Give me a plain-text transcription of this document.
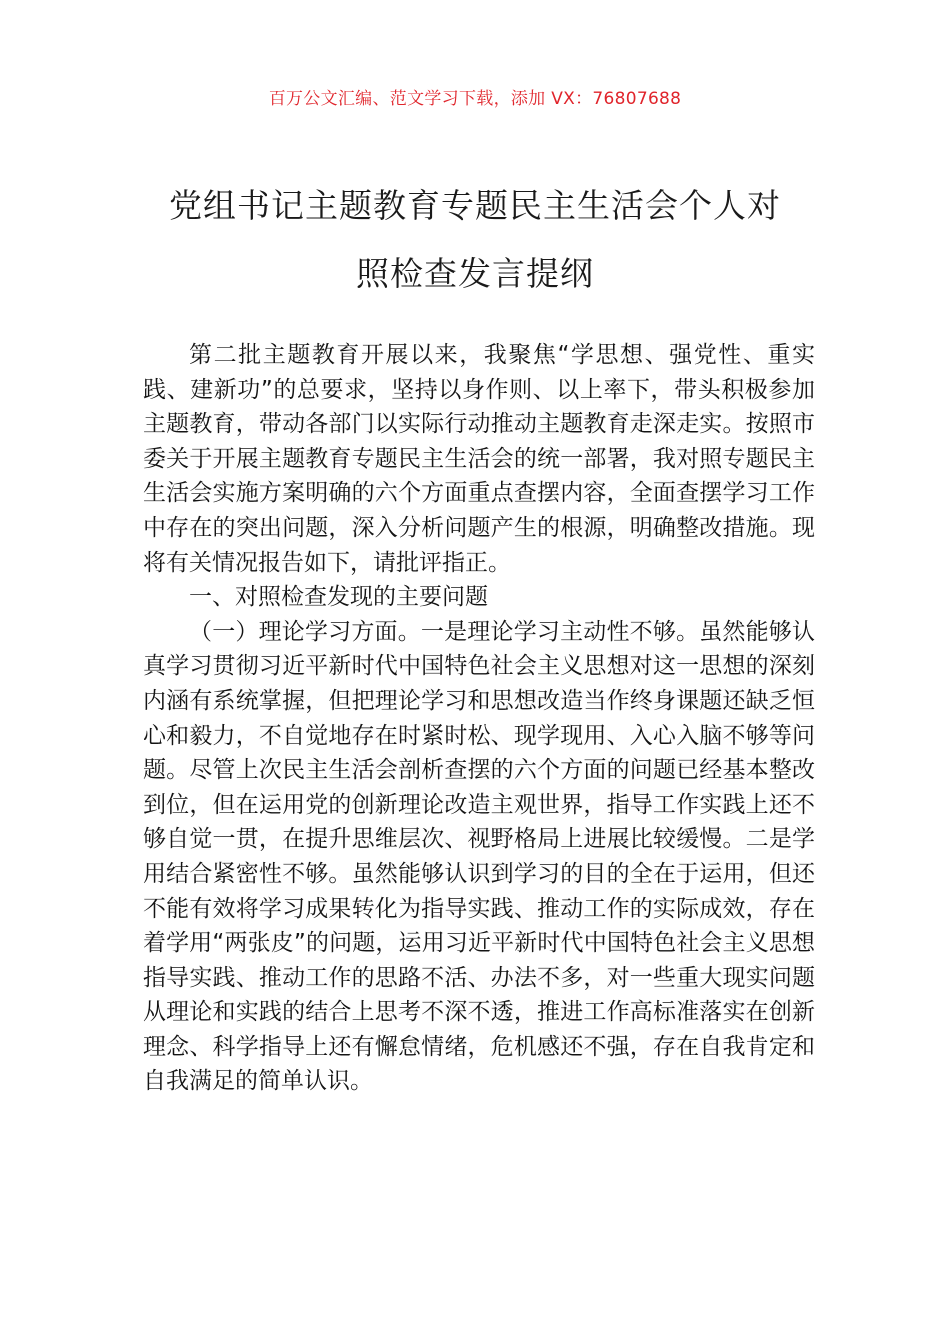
百万公文汇编、范文学习下载，添加 VX：76807688
党组书记主题教育专题民主生活会个人对
照检查发言提纲

第二批主题教育开展以来，我聚焦“学思想、强党性、重实践、建新功”的总要求，坚持以身作则、以上率下，带头积极参加主题教育，带动各部门以实际行动推动主题教育走深走实。按照市委关于开展主题教育专题民主生活会的统一部署，我对照专题民主生活会实施方案明确的六个方面重点查摆内容，全面查摆学习工作中存在的突出问题，深入分析问题产生的根源，明确整改措施。现将有关情况报告如下，请批评指正。

一、对照检查发现的主要问题

（一）理论学习方面。一是理论学习主动性不够。虽然能够认真学习贯彻习近平新时代中国特色社会主义思想对这一思想的深刻内涵有系统掌握，但把理论学习和思想改造当作终身课题还缺乏恒心和毅力，不自觉地存在时紧时松、现学现用、入心入脑不够等问题。尽管上次民主生活会剖析查摆的六个方面的问题已经基本整改到位，但在运用党的创新理论改造主观世界，指导工作实践上还不够自觉一贯，在提升思维层次、视野格局上进展比较缓慢。二是学用结合紧密性不够。虽然能够认识到学习的目的全在于运用，但还不能有效将学习成果转化为指导实践、推动工作的实际成效，存在着学用“两张皮”的问题，运用习近平新时代中国特色社会主义思想指导实践、推动工作的思路不活、办法不多，对一些重大现实问题从理论和实践的结合上思考不深不透，推进工作高标准落实在创新理念、科学指导上还有懈怠情绪，危机感还不强，存在自我肯定和自我满足的简单认识。
